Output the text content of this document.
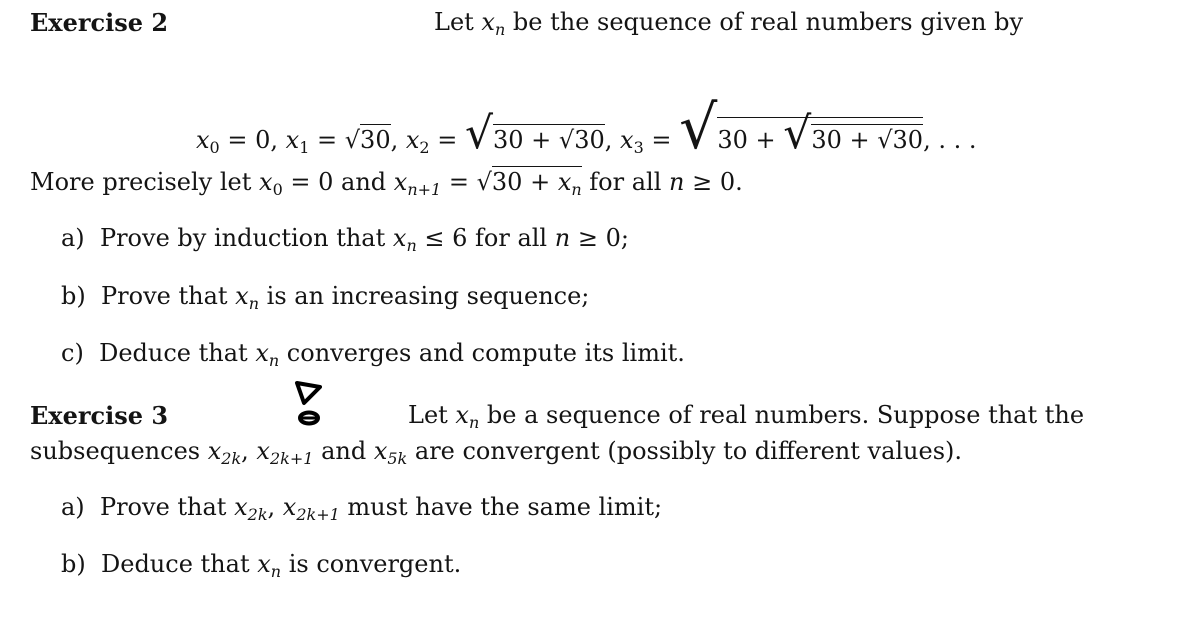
Exercise 2	Let $x_n$ be the sequence of real numbers given by
$x_0 = 0$, $x_1 = √30$, $x_2 = √30 + √30$, $x_3 = √30 + √30 + √30$, . . .
More precisely let $x_0 = 0$ and $x_{n+1} = √30 + x_n$ for all n ≥ 0.
a) Prove by induction that $x_n \le 6$ for all n ≥ 0;
b) Prove that $x_n$ is an increasing sequence;
c) Deduce that $x_n$ converges and compute its limit.
Exercise 3	Let $x_n$ be a sequence of real numbers. Suppose that the
subsequences $x_{2k}$, $x_{2k+1}$ and $x_{5k}$ are convergent (possibly to different values).
a) Prove that $x_{2k}$, $x_{2k+1}$ must have the same limit;
b) Deduce that $x_n$ is convergent.
